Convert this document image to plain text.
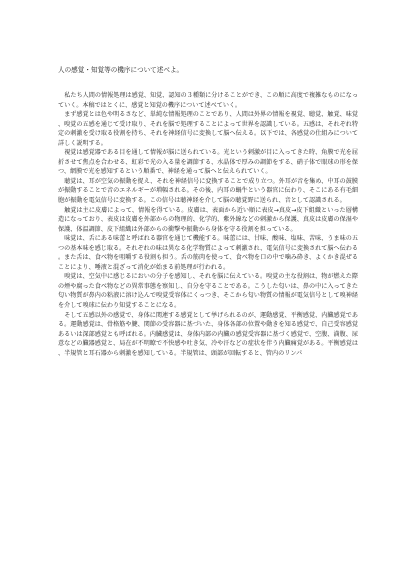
人の感覚・知覚等の機序について述べよ。

私たち人間の情報処理は感覚、知覚、認知の３種類に分けることができ、この順に高度で複雑なものになっていく。本稿ではとくに、感覚と知覚の機序について述べていく。

まず感覚とは色や明るさなど、単純な情報処理のことであり、人間は外界の情報を視覚、聴覚、触覚、味覚、嗅覚の五感を通じて受け取り、それを脳で処理することによって世界を認識している。五感は、それぞれ特定の刺激を受け取る役割を持ち、それを神経信号に変換して脳へ伝える。以下では、各感覚の仕組みについて詳しく説明する。

視覚は感覚器である目を通して情報が脳に送られている。光という刺激が目に入ってきた時、角膜で光を屈折させて焦点を合わせる、虹彩で光の入る量を調節する、水晶体で厚みの調節をする、硝子体で眼球の形を保つ、網膜で光を感知するという順番で、神経を通って脳へと伝えられていく。

聴覚は、耳が空気の振動を捉え、それを神経信号に変換することで成り立つ。外耳が音を集め、中耳の鼓膜が振動することで音のエネルギーが増幅される。その後、内耳の蝸牛という器官に伝わり、そこにある有毛細胞が振動を電気信号に変換する。この信号は聴神経を介して脳の聴覚野に送られ、音として認識される。

触覚は主に皮膚によって、情報を得ている。皮膚は、表面から近い順に表皮→真皮→皮下組織といった層構造になっており、表皮は皮膚を外部からの物理的、化学的、紫外線などの刺激から保護、真皮は皮膚の保湿や保護、体温調節、皮下組織は外部からの衝撃や振動から身体を守る役割を担っている。

味覚は、舌にある味蕾と呼ばれる器官を通じて機能する。味蕾には、甘味、酸味、塩味、苦味、うま味の五つの基本味を感じ取る。それぞれの味は異なる化学物質によって刺激され、電気信号に変換されて脳へ伝わる。また舌は、食べ物を咀嚼する役割も担う。舌の筋肉を使って、食べ物を口の中で噛み砕き、よくかき混ぜることにより、唾液と混ざって消化が始まる前処理が行われる。

嗅覚は、空気中に感じるにおいの分子を感知し、それを脳に伝えている。嗅覚の主な役割は、物が燃えた際の煙や腐った食べ物などの異常事態を察知し、自分を守ることである。こうした匂いは、鼻の中に入ってきた匂い物質が鼻内の粘液に溶け込んで嗅覚受容体にくっつき、そこから匂い物質の情報が電気信号として嗅神経を介して嗅球に伝わり知覚することになる。

そして五感以外の感覚で、身体に関連する感覚として挙げられるのが、運動感覚、平衡感覚、内臓感覚である。運動感覚は、骨格筋や腱、関節の受容器に基づいた、身体各部の位置や動きを知る感覚で、自己受容感覚あるいは深部感覚とも呼ばれる。内臓感覚は、身体内部の内臓の感覚受容器に基づく感覚で、空腹、満腹、尿意などの臓器感覚と、局在が不明瞭で不快感や吐き気、冷や汗などの症状を伴う内臓痛覚がある。平衡感覚は、半規管と耳石器から刺激を感知している。半規管は、頭部が回転すると、管内のリンパ
